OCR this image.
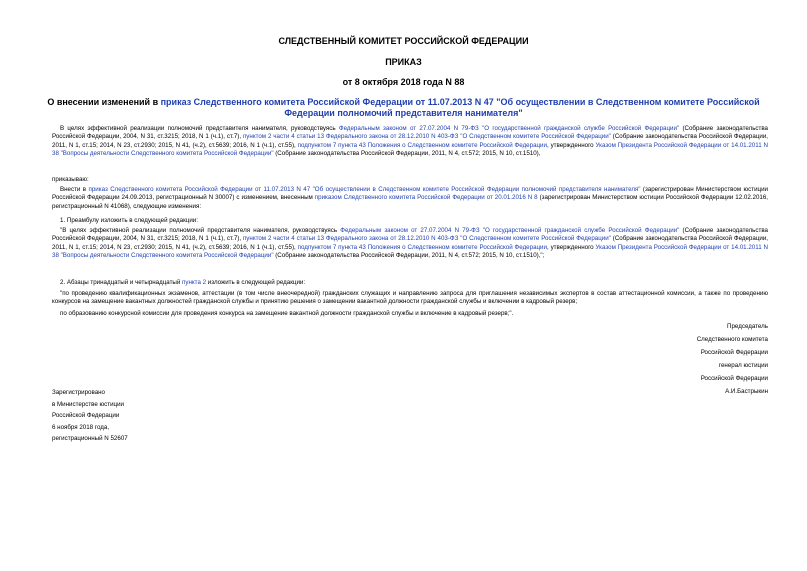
СЛЕДСТВЕННЫЙ КОМИТЕТ РОССИЙСКОЙ ФЕДЕРАЦИИ
ПРИКАЗ
от 8 октября 2018 года N 88
О внесении изменений в приказ Следственного комитета Российской Федерации от 11.07.2013 N 47 "Об осуществлении в Следственном комитете Российской Федерации полномочий представителя нанимателя"
В целях эффективной реализации полномочий представителя нанимателя, руководствуясь Федеральным законом от 27.07.2004 N 79-ФЗ "О государственной гражданской службе Российской Федерации" (Собрание законодательства Российской Федерации, 2004, N 31, ст.3215; 2018, N 1 (ч.1), ст.7), пунктом 2 части 4 статьи 13 Федерального закона от 28.12.2010 N 403-ФЗ "О Следственном комитете Российской Федерации" (Собрание законодательства Российской Федерации, 2011, N 1, ст.15; 2014, N 23, ст.2930; 2015, N 41, (ч.2), ст.5639; 2016, N 1 (ч.1), ст.55), подпунктом 7 пункта 43 Положения о Следственном комитете Российской Федерации, утвержденного Указом Президента Российской Федерации от 14.01.2011 N 38 "Вопросы деятельности Следственного комитета Российской Федерации" (Собрание законодательства Российской Федерации, 2011, N 4, ст.572; 2015, N 10, ст.1510),
приказываю:
Внести в приказ Следственного комитета Российской Федерации от 11.07.2013 N 47 "Об осуществлении в Следственном комитете Российской Федерации полномочий представителя нанимателя" (зарегистрирован Министерством юстиции Российской Федерации 24.09.2013, регистрационный N 30007) с изменением, внесенным приказом Следственного комитета Российской Федерации от 20.01.2016 N 8 (зарегистрирован Министерством юстиции Российской Федерации 12.02.2016, регистрационный N 41068), следующие изменения:
1. Преамбулу изложить в следующей редакции:
"В целях эффективной реализации полномочий представителя нанимателя, руководствуясь Федеральным законом от 27.07.2004 N 79-ФЗ "О государственной гражданской службе Российской Федерации" (Собрание законодательства Российской Федерации, 2004, N 31, ст.3215; 2018, N 1 (ч.1), ст.7), пунктом 2 части 4 статьи 13 Федерального закона от 28.12.2010 N 403-ФЗ "О Следственном комитете Российской Федерации" (Собрание законодательства Российской Федерации, 2011, N 1, ст.15; 2014, N 23, ст.2930; 2015, N 41, (ч.2), ст.5639; 2016, N 1 (ч.1), ст.55), подпунктом 7 пункта 43 Положения о Следственном комитете Российской Федерации, утвержденного Указом Президента Российской Федерации от 14.01.2011 N 38 "Вопросы деятельности Следственного комитета Российской Федерации" (Собрание законодательства Российской Федерации, 2011, N 4, ст.572; 2015, N 10, ст.1510),";
2. Абзацы тринадцатый и четырнадцатый пункта 2 изложить в следующей редакции:
"по проведению квалификационных экзаменов, аттестации (в том числе внеочередной) гражданских служащих и направлению запроса для приглашения независимых экспертов в состав аттестационной комиссии, а также по проведению конкурсов на замещение вакантных должностей гражданской службы и принятию решения о замещении вакантной должности гражданской службы и включении в кадровый резерв;
по образованию конкурсной комиссии для проведения конкурса на замещение вакантной должности гражданской службы и включение в кадровый резерв;".
Председатель
Следственного комитета
Российской Федерации
генерал юстиции
Российской Федерации
А.И.Бастрыкин
Зарегистрировано
в Министерстве юстиции
Российской Федерации
6 ноября 2018 года,
регистрационный N 52607
